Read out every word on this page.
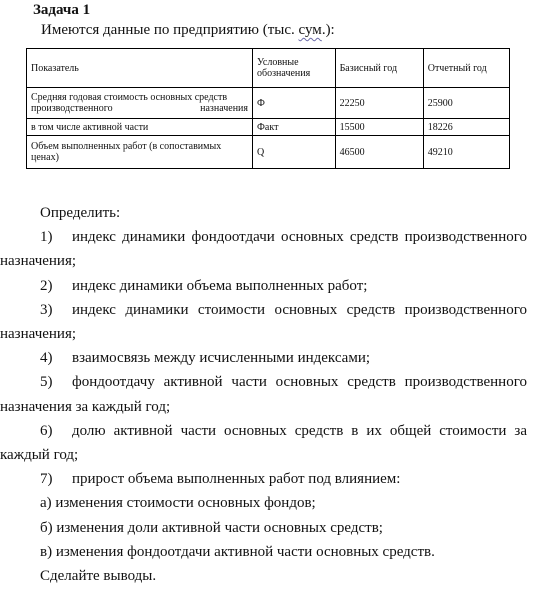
Задача 1
Имеются данные по предприятию (тыс. сум.):
Показатель	Условные обозначения	Базисный год	Отчетный год
Средняя годовая стоимость основных средств производственного назначения	Ф	22250	25900
в том числе активной части	Факт	15500	18226
Объем выполненных работ (в сопоставимых ценах)	Q	46500	49210

Определить:

1) индекс динамики фондоотдачи основных средств производственного назначения;

2) индекс динамики объема выполненных работ;

3) индекс динамики стоимости основных средств производственного назначения;

4) взаимосвязь между исчисленными индексами;

5) фондоотдачу активной части основных средств производственного назначения за каждый год;

6) долю активной части основных средств в их общей стоимости за каждый год;

7) прирост объема выполненных работ под влиянием:

а) изменения стоимости основных фондов;

б) изменения доли активной части основных средств;

в) изменения фондоотдачи активной части основных средств.

Сделайте выводы.
